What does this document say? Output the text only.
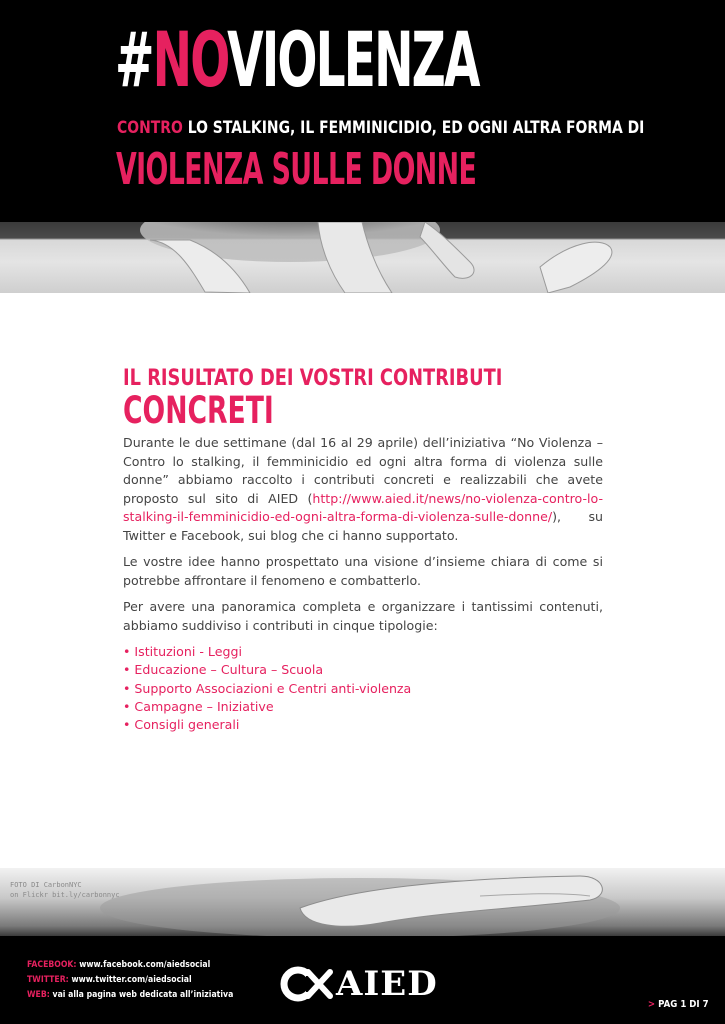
#NOVIOLENZA
CONTRO LO STALKING, IL FEMMINICIDIO, ED OGNI ALTRA FORMA DI
VIOLENZA SULLE DONNE
IL RISULTATO DEI VOSTRI CONTRIBUTI
CONCRETI

Durante le due settimane (dal 16 al 29 aprile) dell’iniziativa “No Violenza – Contro lo stalking, il femminicidio ed ogni altra forma di violenza sulle donne” abbiamo raccolto i contributi concreti e realizzabili che avete proposto sul sito di AIED (http://www.aied.it/news/no-violenza-contro-lo-stalking-il-femminicidio-ed-ogni-altra-forma-di-violenza-sulle-donne/), su Twitter e Facebook, sui blog che ci hanno supportato.

Le vostre idee hanno prospettato una visione d’insieme chiara di come si potrebbe affrontare il fenomeno e combatterlo.

Per avere una panoramica completa e organizzare i tantissimi contenuti, abbiamo suddiviso i contributi in cinque tipologie:

• Istituzioni - Leggi
• Educazione – Cultura – Scuola
• Supporto Associazioni e Centri anti-violenza
• Campagne – Iniziative
• Consigli generali
FOTO DI CarbonNYC
on Flickr bit.ly/carbonnyc
FACEBOOK: www.facebook.com/aiedsocial
TWITTER: www.twitter.com/aiedsocial
WEB: vai alla pagina web dedicata all’iniziativa	AIED
> PAG 1 DI 7
